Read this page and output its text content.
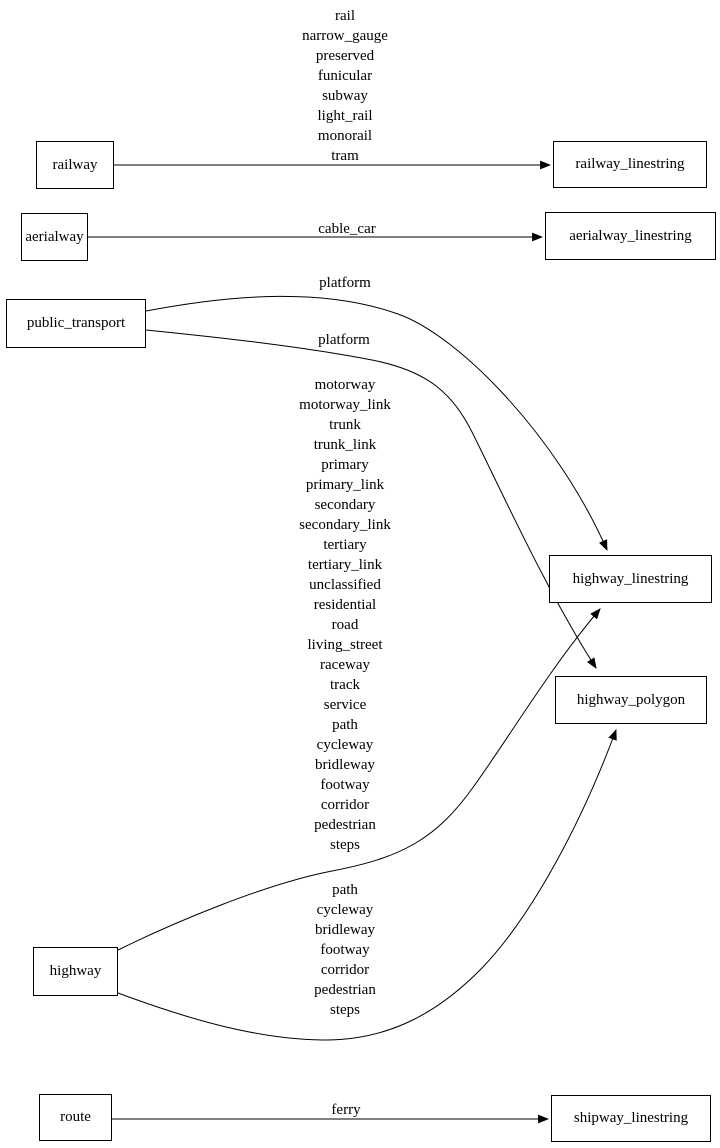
railway	railway_linestring
aerialway	aerialway_linestring
public_transport
highway_linestring
highway_polygon
highway
route	shipway_linestring
rail
narrow_gauge
preserved
funicular
subway
light_rail
monorail
tram
cable_car
platform
platform
motorway
motorway_link
trunk
trunk_link
primary
primary_link
secondary
secondary_link
tertiary
tertiary_link
unclassified
residential
road
living_street
raceway
track
service
path
cycleway
bridleway
footway
corridor
pedestrian
steps
path
cycleway
bridleway
footway
corridor
pedestrian
steps
ferry
